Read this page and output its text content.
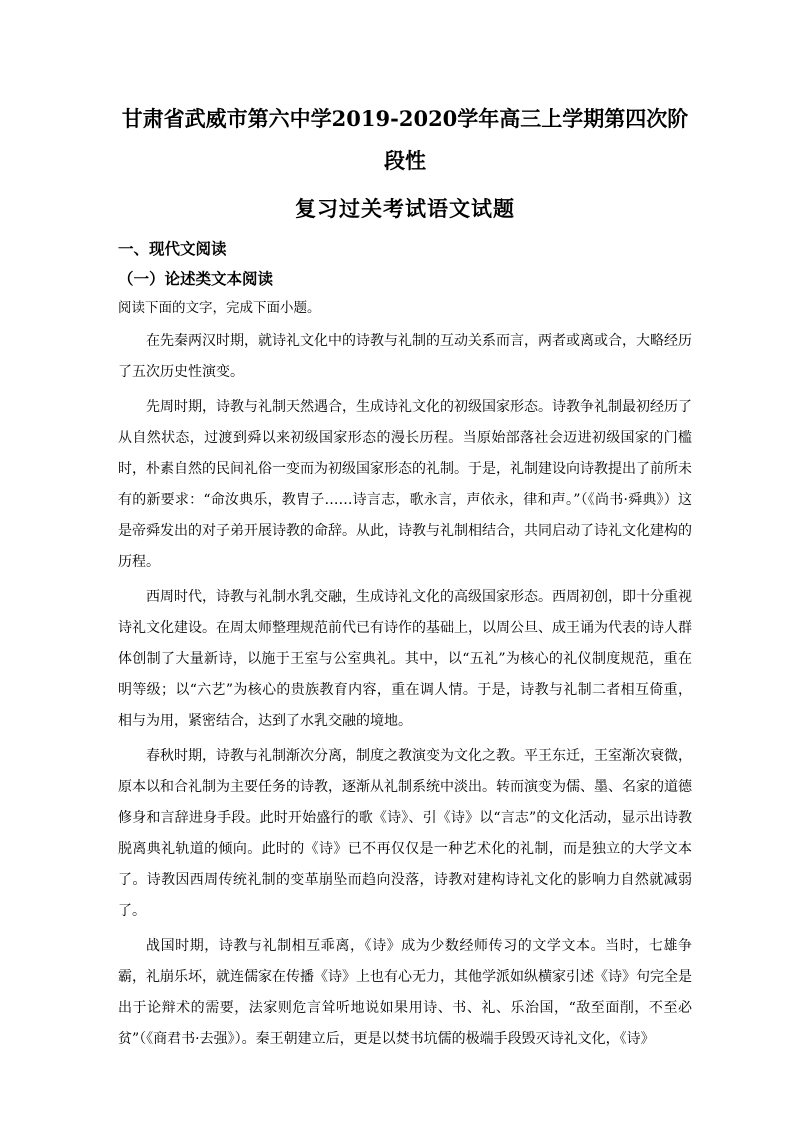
甘肃省武威市第六中学2019-2020学年高三上学期第四次阶
段性
复习过关考试语文试题
一、现代文阅读
（一）论述类文本阅读

阅读下面的文字，完成下面小题。

在先秦两汉时期，就诗礼文化中的诗教与礼制的互动关系而言，两者或离或合，大略经历了五次历史性演变。

先周时期，诗教与礼制天然遇合，生成诗礼文化的初级国家形态。诗教争礼制最初经历了从自然状态，过渡到舜以来初级国家形态的漫长历程。当原始部落社会迈进初级国家的门槛时，朴素自然的民间礼俗一变而为初级国家形态的礼制。于是，礼制建设向诗教提出了前所未有的新要求：“命汝典乐，教胄子……诗言志，歌永言，声依永，律和声。”（《尚书·舜典》）这是帝舜发出的对子弟开展诗教的命辞。从此，诗教与礼制相结合，共同启动了诗礼文化建构的历程。

西周时代，诗教与礼制水乳交融，生成诗礼文化的高级国家形态。西周初创，即十分重视诗礼文化建设。在周太师整理规范前代已有诗作的基础上，以周公旦、成王诵为代表的诗人群体创制了大量新诗，以施于王室与公室典礼。其中，以“五礼”为核心的礼仪制度规范，重在明等级；以“六艺”为核心的贵族教育内容，重在调人情。于是，诗教与礼制二者相互倚重，相与为用，紧密结合，达到了水乳交融的境地。

春秋时期，诗教与礼制渐次分离，制度之教演变为文化之教。平王东迁，王室渐次衰微，原本以和合礼制为主要任务的诗教，逐渐从礼制系统中淡出。转而演变为儒、墨、名家的道德修身和言辞进身手段。此时开始盛行的歌《诗》、引《诗》以“言志”的文化活动，显示出诗教脱离典礼轨道的倾向。此时的《诗》已不再仅仅是一种艺术化的礼制，而是独立的大学文本了。诗教因西周传统礼制的变革崩坠而趋向没落，诗教对建构诗礼文化的影响力自然就减弱了。

战国时期，诗教与礼制相互乖离，《诗》成为少数经师传习的文学文本。当时，七雄争霸，礼崩乐坏，就连儒家在传播《诗》上也有心无力，其他学派如纵横家引述《诗》句完全是出于论辩术的需要，法家则危言耸听地说如果用诗、书、礼、乐治国，“敌至面削，不至必贫”（《商君书·去强》）。秦王朝建立后，更是以焚书坑儒的极端手段毁灭诗礼文化，《诗》
